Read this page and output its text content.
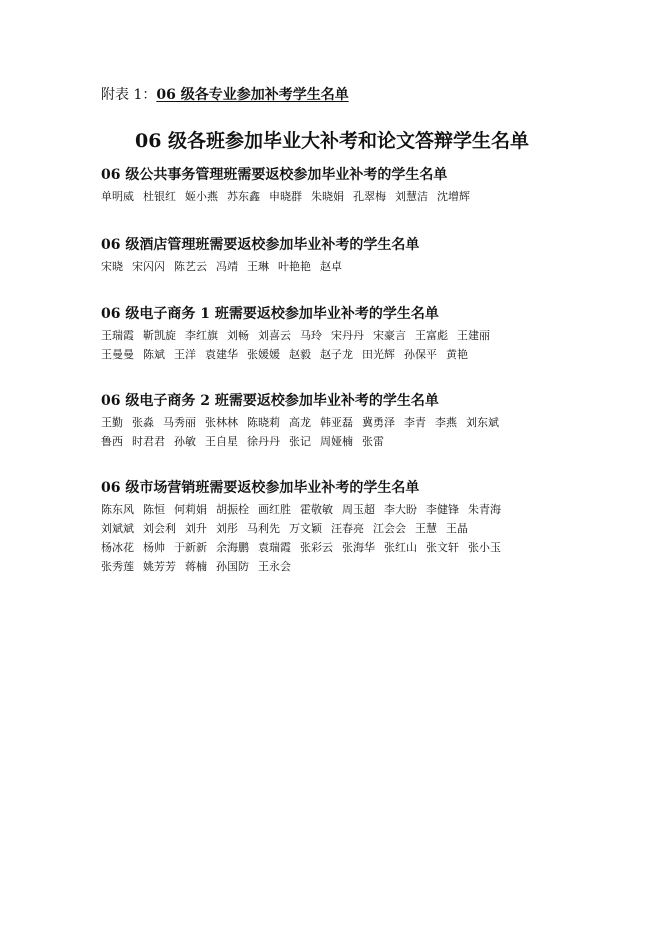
附表 1：06 级各专业参加补考学生名单
06 级各班参加毕业大补考和论文答辩学生名单
06 级公共事务管理班需要返校参加毕业补考的学生名单
单明威 杜银红 姬小燕 苏东鑫 申晓群 朱晓娟 孔翠梅 刘慧洁 沈增辉
06 级酒店管理班需要返校参加毕业补考的学生名单
宋晓 宋闪闪 陈艺云 冯靖 王琳 叶艳艳 赵卓
06 级电子商务 1 班需要返校参加毕业补考的学生名单
王瑞霞 靳凯旋 李红旗 刘畅 刘喜云 马玲 宋丹丹 宋豪言 王富彪 王建丽
王曼曼 陈斌 王洋 袁建华 张媛媛 赵毅 赵子龙 田光辉 孙保平 黄艳
06 级电子商务 2 班需要返校参加毕业补考的学生名单
王勤 张淼 马秀丽 张林林 陈晓莉 高龙 韩亚磊 冀勇泽 李青 李燕 刘东斌
鲁西 时君君 孙敏 王自星 徐丹丹 张记 周娅楠 张雷
06 级市场营销班需要返校参加毕业补考的学生名单
陈东风 陈恒 何莉娟 胡振栓 画红胜 霍敬敏 周玉超 李大盼 李健锋 朱青海
刘斌斌 刘会利 刘升 刘彤 马利先 万文颖 汪春亮 江会会 王慧 王晶
杨冰花 杨帅 于新新 余海鹏 袁瑞霞 张彩云 张海华 张红山 张文轩 张小玉
张秀莲 姚芳芳 蒋楠 孙国防 王永会
